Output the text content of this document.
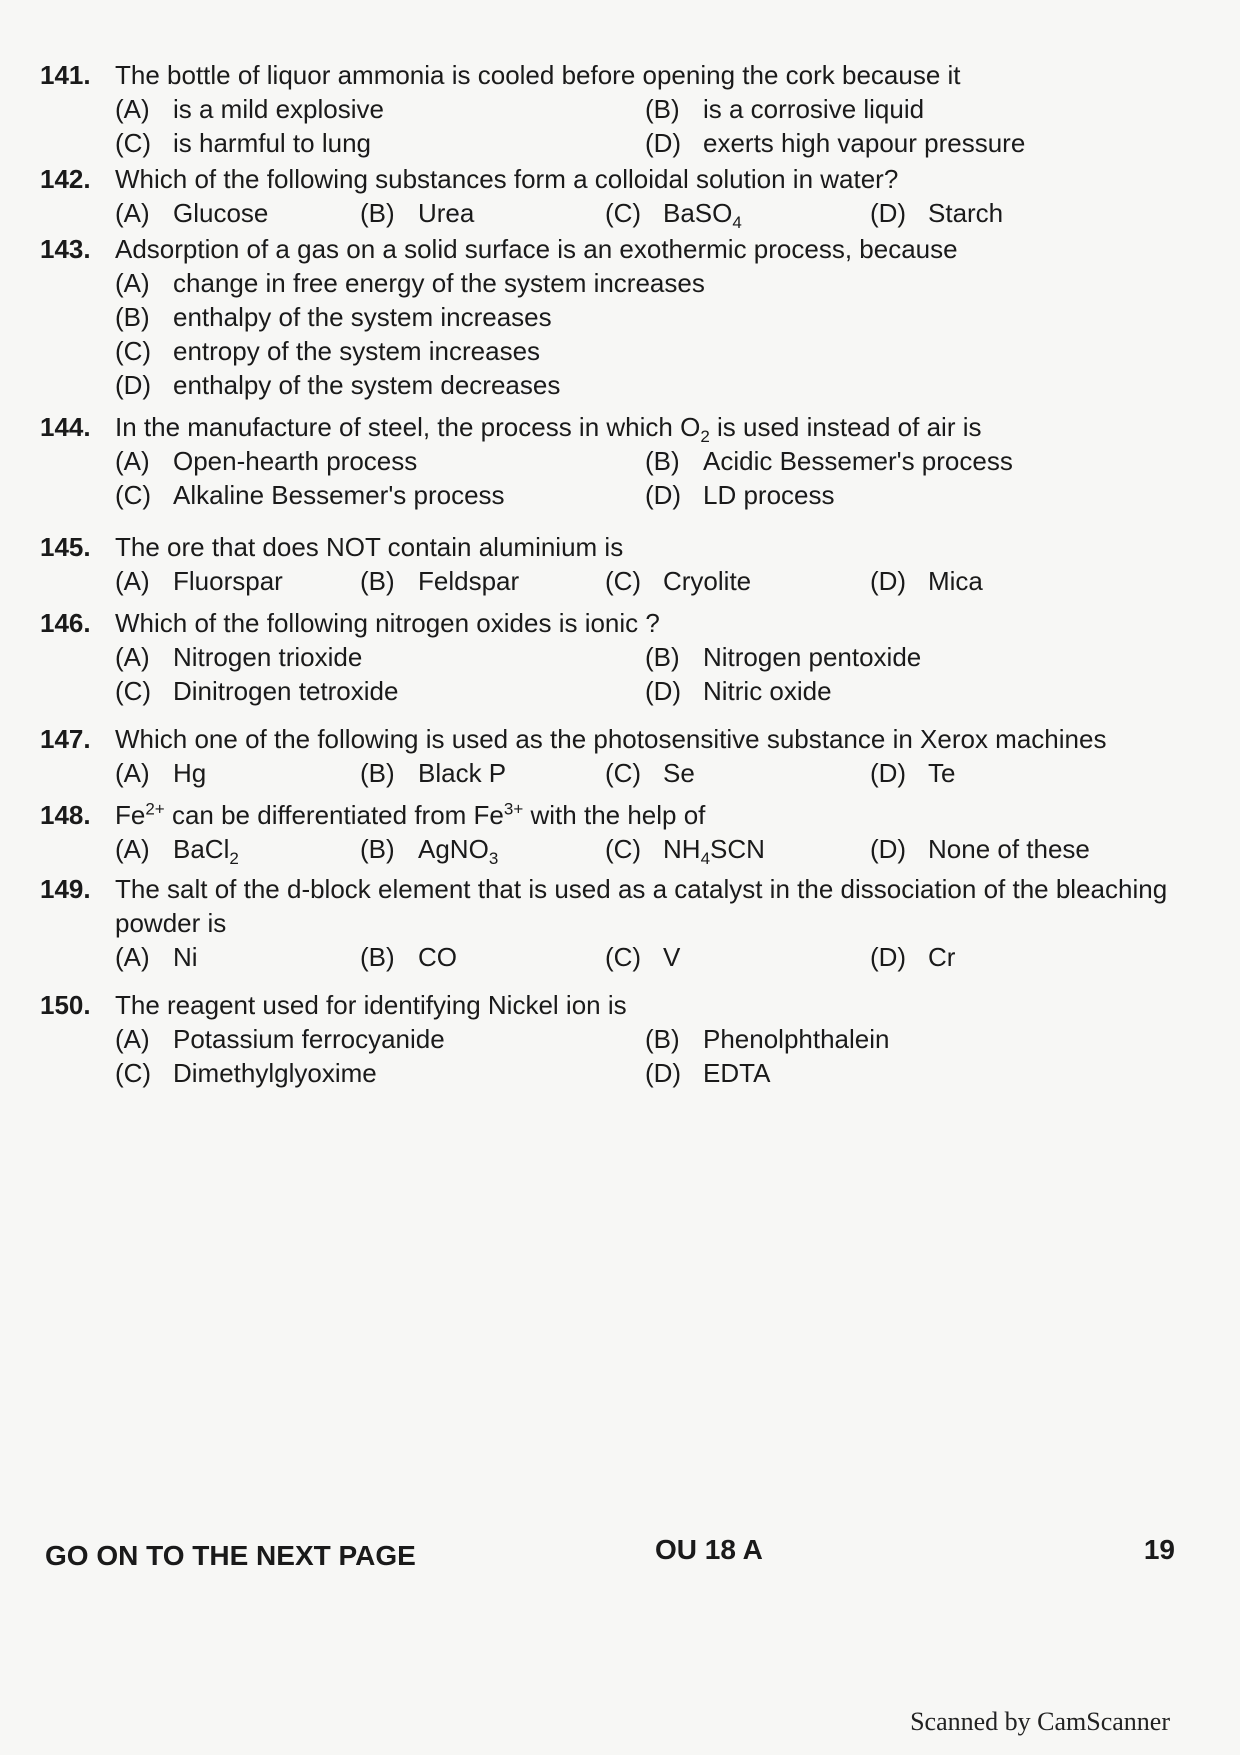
141. The bottle of liquor ammonia is cooled before opening the cork because it
(A) is a mild explosive	(B) is a corrosive liquid
(C) is harmful to lung	(D) exerts high vapour pressure
142. Which of the following substances form a colloidal solution in water?
(A) Glucose	(B) Urea	(C) BaSO$_4$	(D) Starch
143. Adsorption of a gas on a solid surface is an exothermic process, because
(A) change in free energy of the system increases
(B) enthalpy of the system increases
(C) entropy of the system increases
(D) enthalpy of the system decreases
144. In the manufacture of steel, the process in which $O_2$ is used instead of air is
(A) Open-hearth process	(B) Acidic Bessemer's process
(C) Alkaline Bessemer's process	(D) LD process
145. The ore that does NOT contain aluminium is
(A) Fluorspar	(B) Feldspar	(C) Cryolite	(D) Mica
146. Which of the following nitrogen oxides is ionic ?
(A) Nitrogen trioxide	(B) Nitrogen pentoxide
(C) Dinitrogen tetroxide	(D) Nitric oxide
147. Which one of the following is used as the photosensitive substance in Xerox machines
(A) Hg	(B) Black P	(C) Se	(D) Te
148. $Fe^{2+}$ can be differentiated from $Fe^{3+}$ with the help of
(A) BaCl$_2$	(B) AgNO$_3$	(C) $NH_4SCN$	(D) None of these
149. The salt of the d-block element that is used as a catalyst in the dissociation of the bleaching powder is
(A) Ni	(B) CO	(C) V	(D) Cr
150. The reagent used for identifying Nickel ion is
(A) Potassium ferrocyanide	(B) Phenolphthalein
(C) Dimethylglyoxime	(D) EDTA
GO ON TO THE NEXT PAGE	OU 18 A	19
Scanned by CamScanner
